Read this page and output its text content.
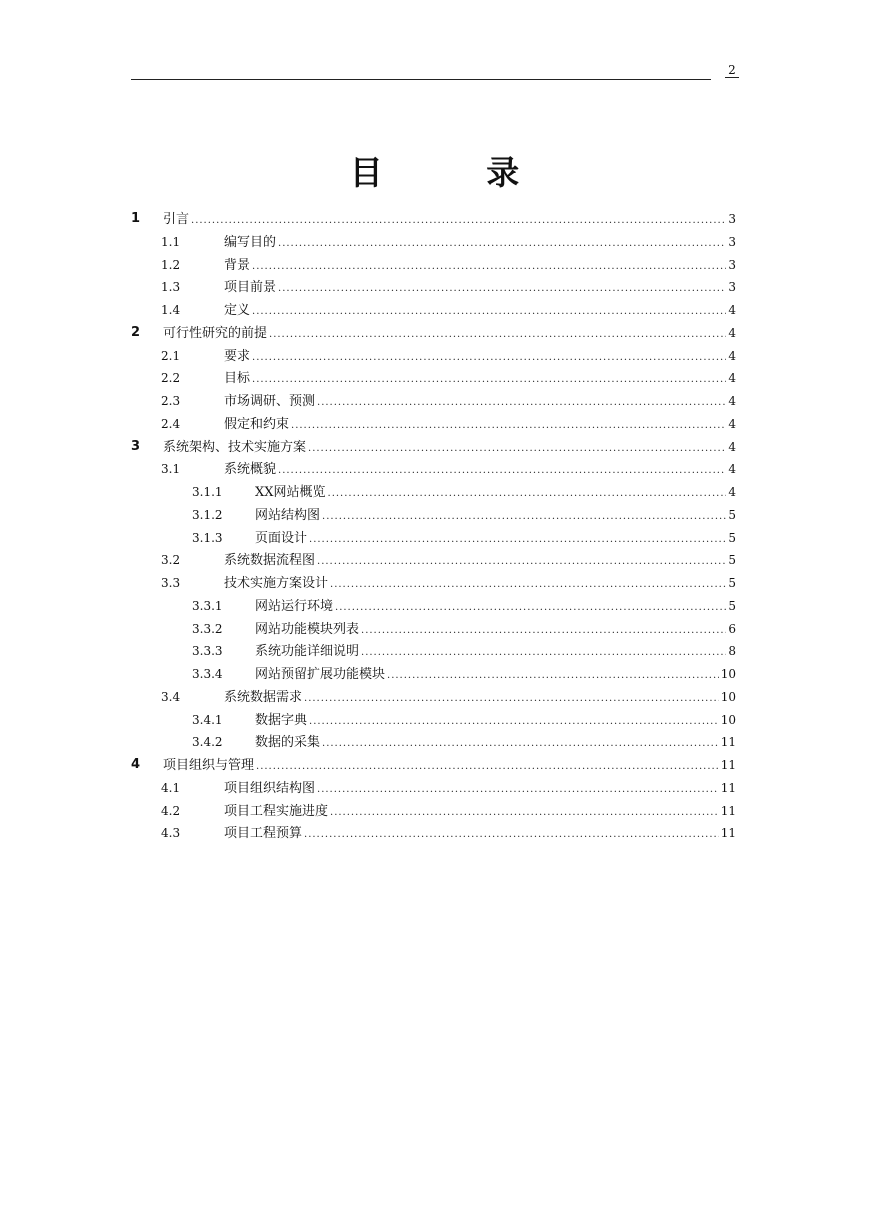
2
目 录
1 引言 .....	3
1.1	编写目的 .....	3
1.2	背景 .....	3
1.3	项目前景 .....	3
1.4	定义 .....	4
2 可行性研究的前提 .....	4
2.1	要求 .....	4
2.2	目标 .....	4
2.3	市场调研、预测 .....	4
2.4	假定和约束 .....	4
3 系统架构、技术实施方案 .....	4
3.1	系统概貌 .....	4
3.1.1 XX网站概览 .....	4
3.1.2 网站结构图 .....	5
3.1.3 页面设计 .....	5
3.2	系统数据流程图 .....	5
3.3	技术实施方案设计 .....	5
3.3.1 网站运行环境 .....	5
3.3.2 网站功能模块列表 .....	6
3.3.3 系统功能详细说明 .....	8
3.3.4 网站预留扩展功能模块 .....	10
3.4	系统数据需求 .....	10
3.4.1 数据字典 .....	10
3.4.2 数据的采集 .....	11
4 项目组织与管理 .....	11
4.1	项目组织结构图 .....	11
4.2	项目工程实施进度 .....	11
4.3	项目工程预算 .....	11
